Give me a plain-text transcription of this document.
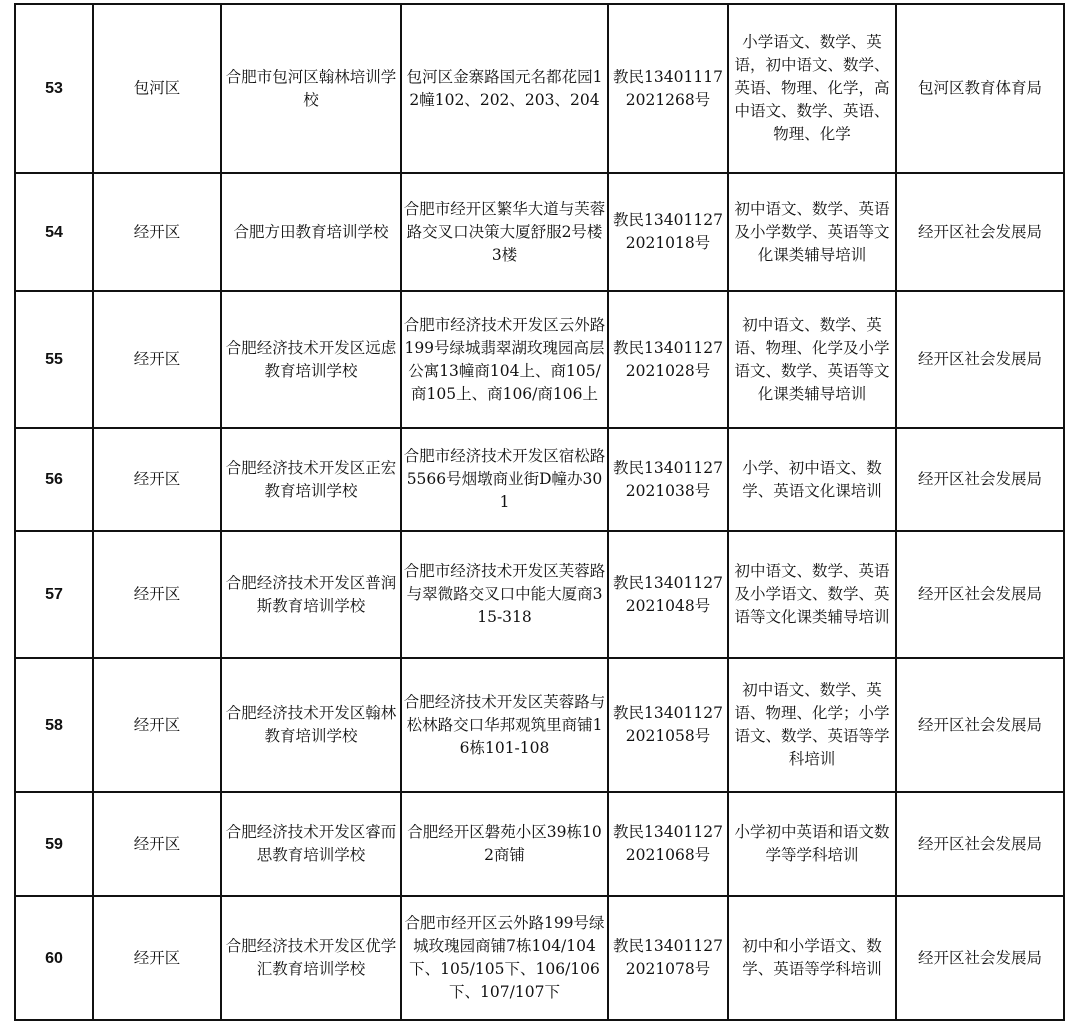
53	包河区	合肥市包河区翰林培训学校	包河区金寨路国元名都花园12幢102、202、203、204	教民134011172021268号	小学语文、数学、英语，初中语文、数学、英语、物理、化学，高中语文、数学、英语、物理、化学	包河区教育体育局
54	经开区	合肥方田教育培训学校	合肥市经开区繁华大道与芙蓉路交叉口决策大厦舒服2号楼3楼	教民134011272021018号	初中语文、数学、英语及小学数学、英语等文化课类辅导培训	经开区社会发展局
55	经开区	合肥经济技术开发区远虑教育培训学校	合肥市经济技术开发区云外路199号绿城翡翠湖玫瑰园高层公寓13幢商104上、商105/商105上、商106/商106上	教民134011272021028号	初中语文、数学、英语、物理、化学及小学语文、数学、英语等文化课类辅导培训	经开区社会发展局
56	经开区	合肥经济技术开发区正宏教育培训学校	合肥市经济技术开发区宿松路5566号烟墩商业街D幢办301	教民134011272021038号	小学、初中语文、数学、英语文化课培训	经开区社会发展局
57	经开区	合肥经济技术开发区普润斯教育培训学校	合肥市经济技术开发区芙蓉路与翠微路交叉口中能大厦商315-318	教民134011272021048号	初中语文、数学、英语及小学语文、数学、英语等文化课类辅导培训	经开区社会发展局
58	经开区	合肥经济技术开发区翰林教育培训学校	合肥经济技术开发区芙蓉路与松林路交口华邦观筑里商铺16栋101-108	教民134011272021058号	初中语文、数学、英语、物理、化学；小学语文、数学、英语等学科培训	经开区社会发展局
59	经开区	合肥经济技术开发区睿而思教育培训学校	合肥经开区磐苑小区39栋102商铺	教民134011272021068号	小学初中英语和语文数学等学科培训	经开区社会发展局
60	经开区	合肥经济技术开发区优学汇教育培训学校	合肥市经开区云外路199号绿城玫瑰园商铺7栋104/104下、105/105下、106/106下、107/107下	教民134011272021078号	初中和小学语文、数学、英语等学科培训	经开区社会发展局
